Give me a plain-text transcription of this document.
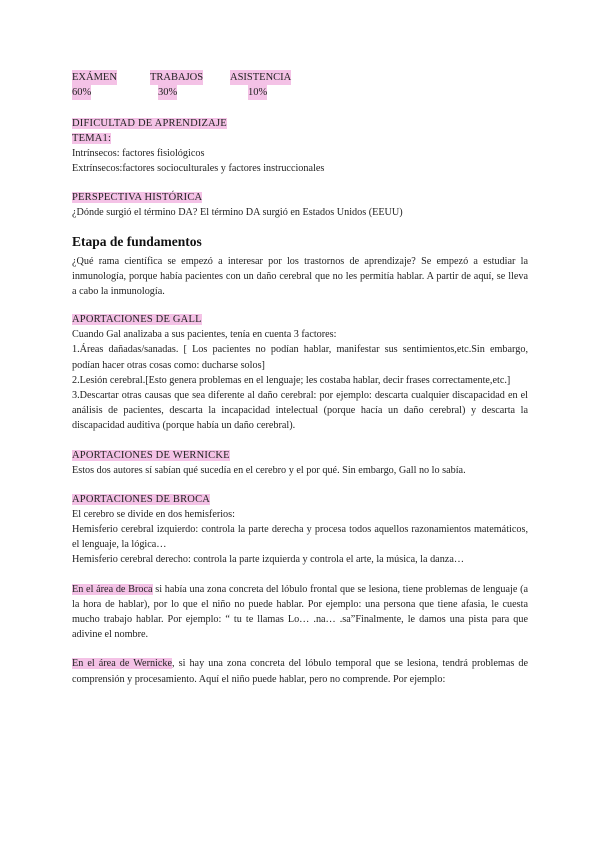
EXÁMEN	TRABAJOS	ASISTENCIA
60%	30%	10%
DIFICULTAD DE APRENDIZAJE
TEMA1:

Intrínsecos: factores fisiológicos

Extrínsecos:factores socioculturales y factores instruccionales

PERSPECTIVA HISTÓRICA

¿Dónde surgió el término DA? El término DA surgió en Estados Unidos (EEUU)

Etapa de fundamentos

¿Qué rama científica se empezó a interesar por los trastornos de aprendizaje? Se empezó a estudiar la inmunología, porque había pacientes con un daño cerebral que no les permitía hablar. A partir de aquí, se lleva a cabo la inmunología.

APORTACIONES DE GALL

Cuando Gal analizaba a sus pacientes, tenía en cuenta 3 factores:

1.Áreas dañadas/sanadas. [ Los pacientes no podían hablar, manifestar sus sentimientos,etc.Sin embargo, podían hacer otras cosas como: ducharse solos]

2.Lesión cerebral.[Esto genera problemas en el lenguaje; les costaba hablar, decir frases correctamente,etc.]

3.Descartar otras causas que sea diferente al daño cerebral: por ejemplo: descarta cualquier discapacidad en el análisis de pacientes, descarta la incapacidad intelectual (porque hacía un daño cerebral) y descarta la discapacidad auditiva (porque había un daño cerebral).

APORTACIONES DE WERNICKE

Estos dos autores sí sabían qué sucedía en el cerebro y el por qué. Sin embargo, Gall no lo sabía.

APORTACIONES DE BROCA

El cerebro se divide en dos hemisferios:

Hemisferio cerebral izquierdo: controla la parte derecha y procesa todos aquellos razonamientos matemáticos, el lenguaje, la lógica…

Hemisferio cerebral derecho: controla la parte izquierda y controla el arte, la música, la danza…

En el área de Broca si había una zona concreta del lóbulo frontal que se lesiona, tiene problemas de lenguaje (a la hora de hablar), por lo que el niño no puede hablar. Por ejemplo: una persona que tiene afasia, le cuesta mucho trabajo hablar. Por ejemplo: “ tu te llamas Lo… .na… .sa”Finalmente, le damos una pista para que adivine el nombre.

En el área de Wernicke, si hay una zona concreta del lóbulo temporal que se lesiona, tendrá problemas de comprensión y procesamiento. Aquí el niño puede hablar, pero no comprende. Por ejemplo:
